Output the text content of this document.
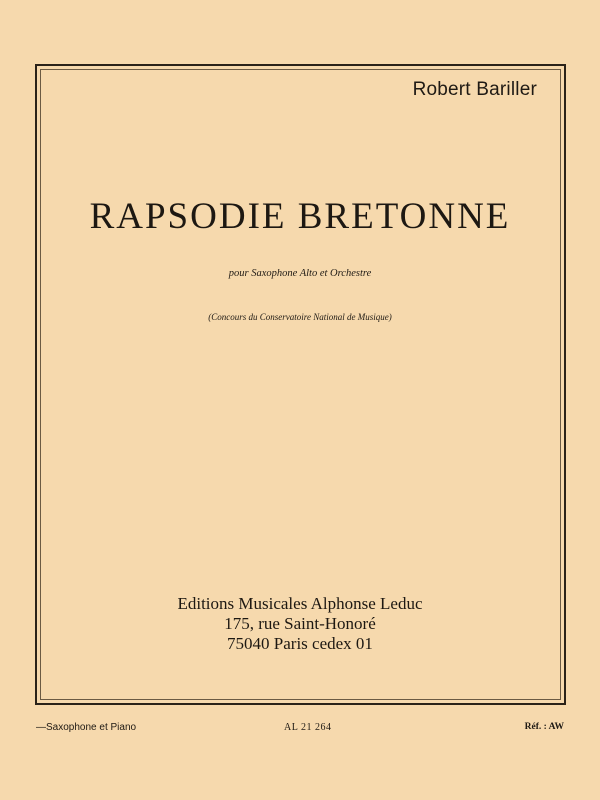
Robert Bariller
RAPSODIE BRETONNE
pour Saxophone Alto et Orchestre
(Concours du Conservatoire National de Musique)
Editions Musicales Alphonse Leduc
175, rue Saint-Honoré
75040 Paris cedex 01
—Saxophone et Piano	AL 21 264	Réf. : AW
